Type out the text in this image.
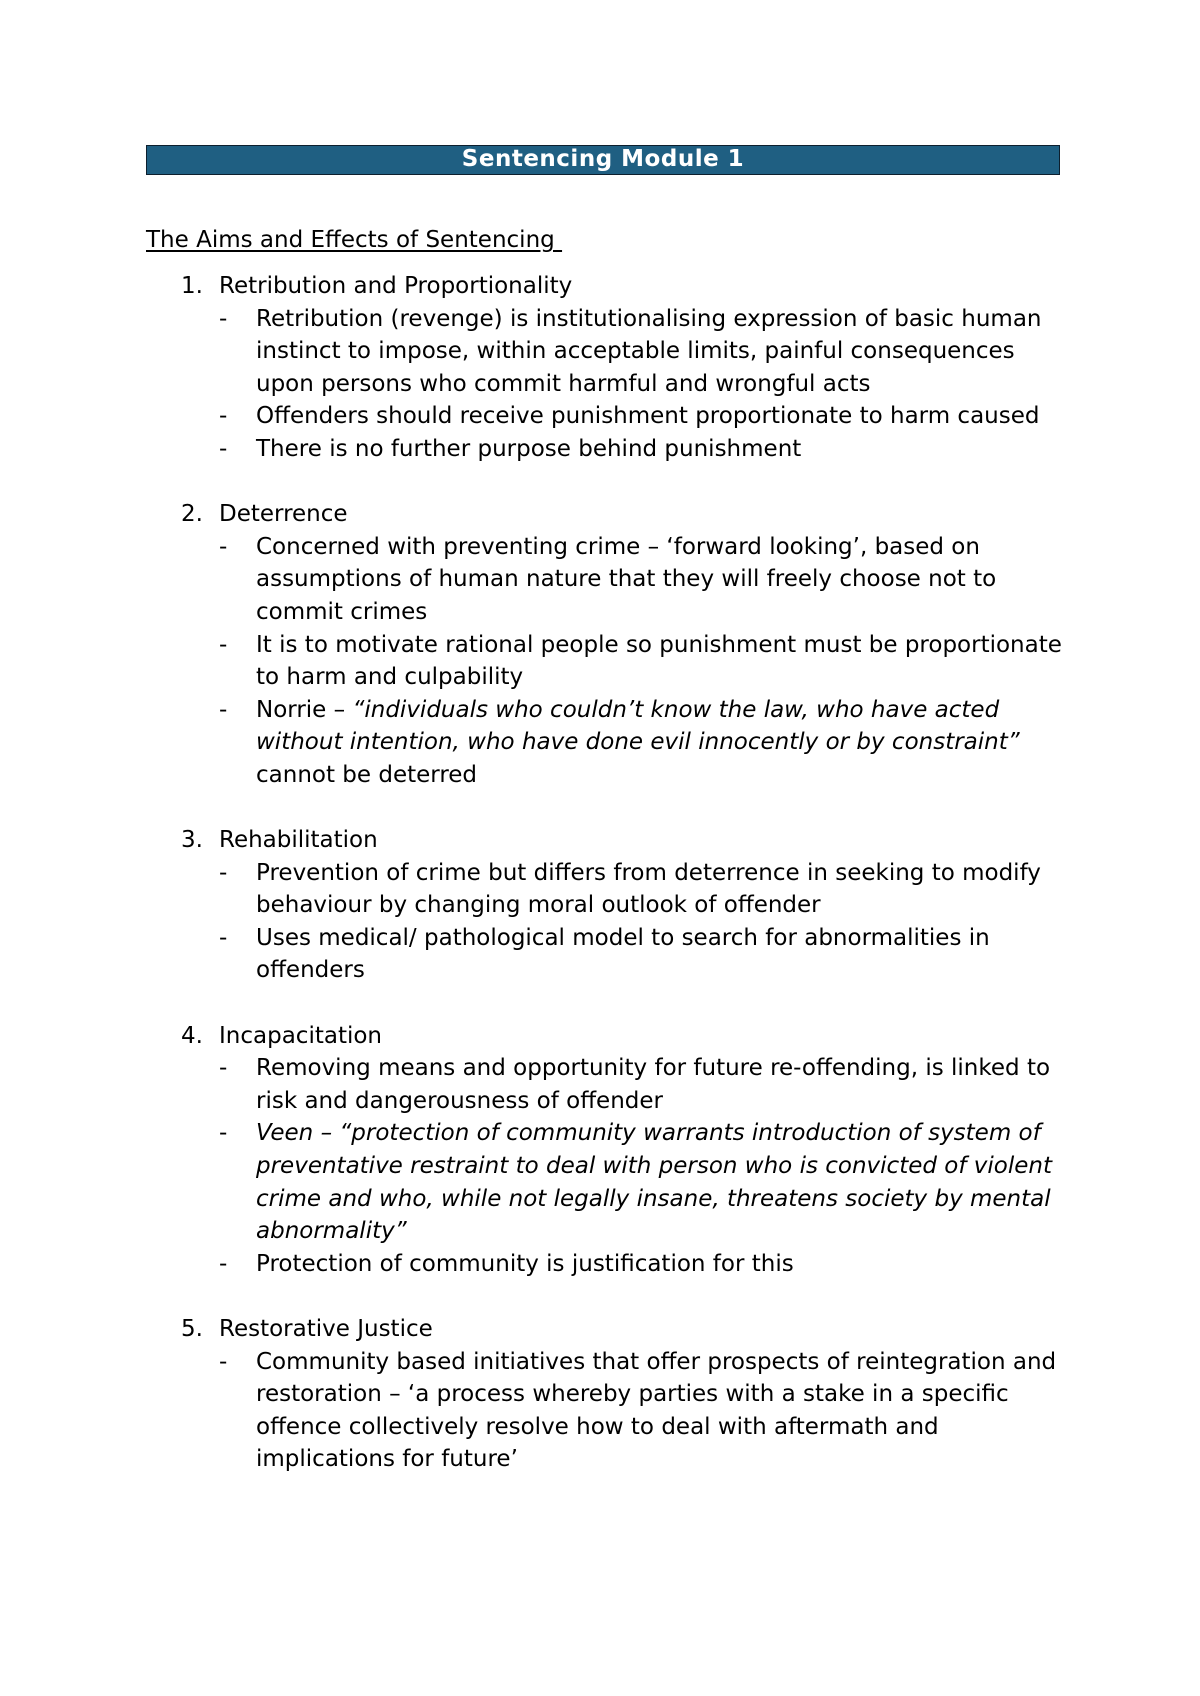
Sentencing Module 1
The Aims and Effects of Sentencing
1. Retribution and Proportionality
- Retribution (revenge) is institutionalising expression of basic human instinct to impose, within acceptable limits, painful consequences upon persons who commit harmful and wrongful acts
- Offenders should receive punishment proportionate to harm caused
- There is no further purpose behind punishment
2. Deterrence
- Concerned with preventing crime – ‘forward looking’, based on assumptions of human nature that they will freely choose not to commit crimes
- It is to motivate rational people so punishment must be proportionate to harm and culpability
- Norrie – “individuals who couldn’t know the law, who have acted without intention, who have done evil innocently or by constraint” cannot be deterred
3. Rehabilitation
- Prevention of crime but differs from deterrence in seeking to modify behaviour by changing moral outlook of offender
- Uses medical/ pathological model to search for abnormalities in offenders
4. Incapacitation
- Removing means and opportunity for future re-offending, is linked to risk and dangerousness of offender
- Veen – “protection of community warrants introduction of system of preventative restraint to deal with person who is convicted of violent crime and who, while not legally insane, threatens society by mental abnormality”
- Protection of community is justification for this
5. Restorative Justice
- Community based initiatives that offer prospects of reintegration and restoration – ‘a process whereby parties with a stake in a specific offence collectively resolve how to deal with aftermath and implications for future’
